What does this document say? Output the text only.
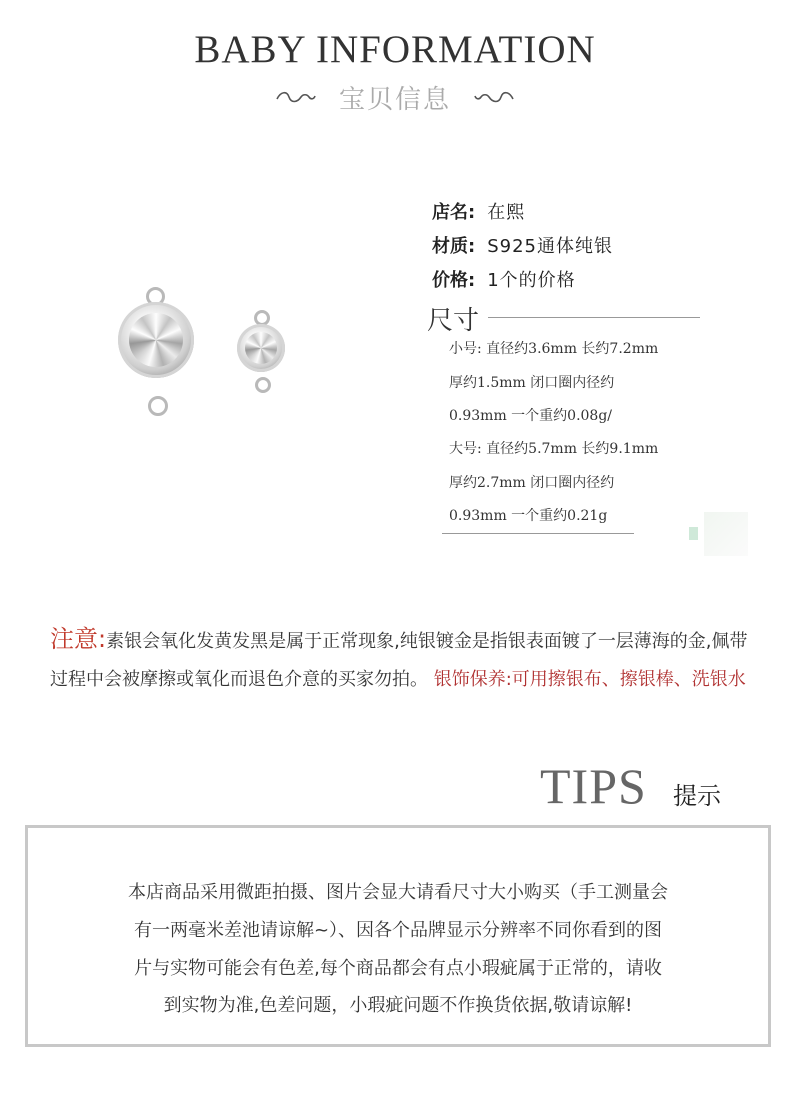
BABY INFORMATION
宝贝信息
店名: 在熙
材质: S925通体纯银
价格: 1个的价格
尺寸
小号: 直径约3.6mm 长约7.2mm
厚约1.5mm 闭口圈内径约
0.93mm 一个重约0.08g/
大号: 直径约5.7mm 长约9.1mm
厚约2.7mm 闭口圈内径约
0.93mm 一个重约0.21g
注意:素银会氧化发黄发黑是属于正常现象,纯银镀金是指银表面镀了一层薄海的金,佩带过程中会被摩擦或氧化而退色介意的买家勿拍。 银饰保养:可用擦银布、擦银棒、洗银水
TIPS 提示
本店商品采用微距拍摄、图片会显大请看尺寸大小购买（手工测量会
有一两毫米差池请谅解~）、因各个品牌显示分辨率不同你看到的图
片与实物可能会有色差,每个商品都会有点小瑕疵属于正常的，请收
到实物为准,色差问题，小瑕疵问题不作换货依据,敬请谅解!
